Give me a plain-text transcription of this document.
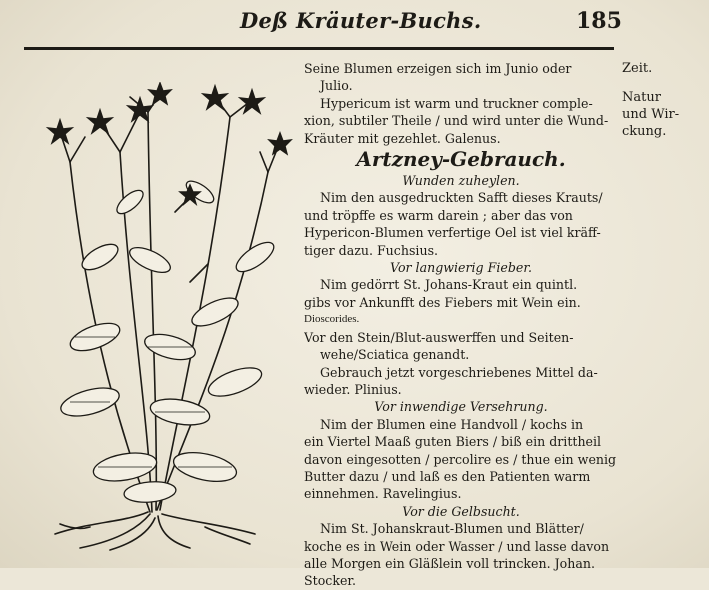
Deß Kräuter-Buchs.	185
Seine Blumen erzeigen sich im Junio oder
Julio.
Hypericum ist warm und truckner comple-
xion, subtiler Theile / und wird unter die Wund-
Kräuter mit gezehlet. Galenus.
Artzney-Gebrauch.
Wunden zuheylen.
Nim den ausgedruckten Safft dieses Krauts/
und tröpffe es warm darein ; aber das von
Hypericon-Blumen verfertige Oel ist viel kräff-
tiger dazu. Fuchsius.
Vor langwierig Fieber.
Nim gedörrt St. Johans-Kraut ein quintl.
gibs vor Ankunfft des Fiebers mit Wein ein.
Dioscorides.
Vor den Stein/Blut-auswerffen und Seiten-
wehe/Sciatica genandt.
Gebrauch jetzt vorgeschriebenes Mittel da-
wieder. Plinius.
Vor inwendige Versehrung.
Nim der Blumen eine Handvoll / kochs in
ein Viertel Maaß guten Biers / biß ein drittheil
davon eingesotten / percolire es / thue ein wenig
Butter dazu / und laß es den Patienten warm
einnehmen. Ravelingius.
Vor die Gelbsucht.
Nim St. Johanskraut-Blumen und Blätter/
koche es in Wein oder Wasser / und lasse davon
alle Morgen ein Gläßlein voll trincken. Johan.
Stocker.
Zeit.
Natur
und Wir-
ckung.
